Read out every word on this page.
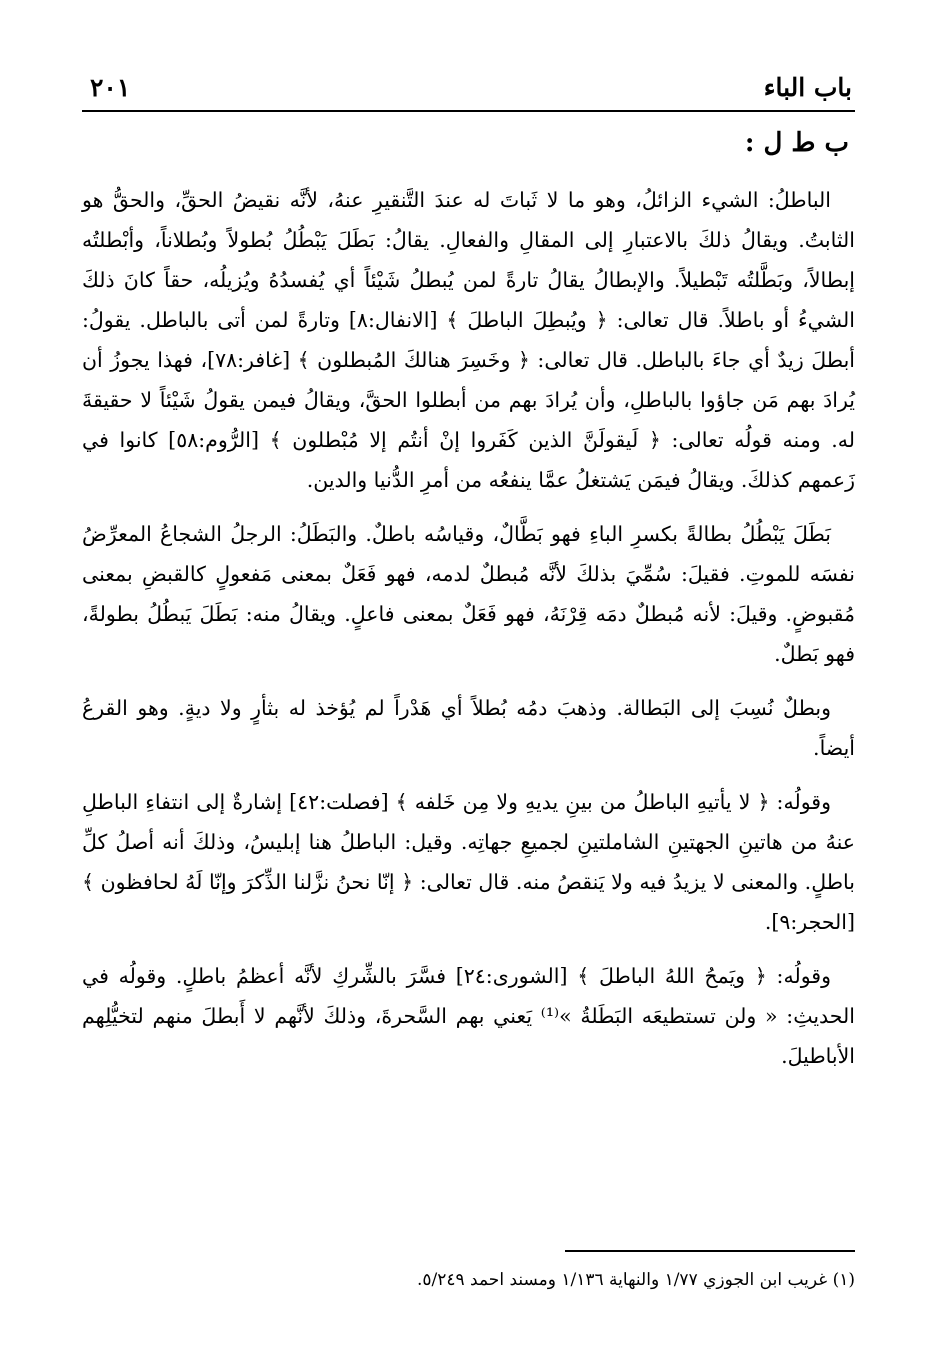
باب الباء
٢٠١
ب ط ل :

الباطلُ: الشيء الزائلُ، وهو ما لا ثَباتَ له عندَ التَّنقيرِ عنهُ، لأنَّه نقيضُ الحقِّ، والحقُّ هو الثابتُ. ويقالُ ذلكَ بالاعتبارِ إلى المقالِ والفعالِ. يقالُ: بَطَلَ يَبْطُلُ بُطولاً وبُطلاناً، وأبْطلتُه إبطالاً، وبَطَّلتُه تَبْطيلاً. والإبطالُ يقالُ تارةً لمن يُبطلُ شَيْئاً أي يُفسدُهُ ويُزيلُه، حقاً كانَ ذلكَ الشيءُ أو باطلاً. قال تعالى: ﴿ ويُبطِلَ الباطلَ ﴾ [الانفال:٨] وتارةً لمن أتى بالباطل. يقولُ: أبطلَ زيدٌ أي جاءَ بالباطل. قال تعالى: ﴿ وخَسِرَ هنالكَ المُبطلون ﴾ [غافر:٧٨]، فهذا يجوزُ أن يُرادَ بهم مَن جاؤوا بالباطلِ، وأن يُرادَ بهم من أبطلوا الحقَّ، ويقالُ فيمن يقولُ شَيْئاً لا حقيقةَ له. ومنه قولُه تعالى: ﴿ لَيقولَنَّ الذين كَفَروا إنْ أنتُم إلا مُبْطلون ﴾ [الرُّوم:٥٨] كانوا في زَعمهم كذلكَ. ويقالُ فيمَن يَشتغلُ عمَّا ينفعُه من أمرِ الدُّنيا والدين.

بَطَلَ يَبْطُلُ بطالةً بكسرِ الباءِ فهو بَطَّالٌ، وقياسُه باطلٌ. والبَطَلُ: الرجلُ الشجاعُ المعرِّضُ نفسَه للموتِ. فقيلَ: سُمِّيَ بذلكَ لأنَّه مُبطلٌ لدمه، فهو فَعَلٌ بمعنى مَفعولٍ كالقبضِ بمعنى مُقبوضٍ. وقيلَ: لأنه مُبطلٌ دمَه قِرْنَهُ، فهو فَعَلٌ بمعنى فاعلٍ. ويقالُ منه: بَطَلَ يَبطُلُ بطولةً، فهو بَطلٌ.

وبطلٌ نُسِبَ إلى البَطالة. وذهبَ دمُه بُطلاً أي هَدْراً لم يُؤخذ له بثأرٍ ولا ديةٍ. وهو القرعُ أيضاً.

وقولُه: ﴿ لا يأتيهِ الباطلُ من بينِ يديهِ ولا مِن خَلفه ﴾ [فصلت:٤٢] إشارةٌ إلى انتفاءِ الباطلِ عنهُ من هاتينِ الجهتينِ الشاملتينِ لجميعِ جهاتِه. وقيل: الباطلُ هنا إبليسُ، وذلكَ أنه أصلُ كلِّ باطلٍ. والمعنى لا يزيدُ فيه ولا يَنقصُ منه. قال تعالى: ﴿ إنّا نحنُ نزَّلنا الذِّكرَ وإنّا لَهُ لحافظون ﴾ [الحجر:٩].

وقولُه: ﴿ ويَمحُ اللهُ الباطلَ ﴾ [الشورى:٢٤] فسَّرَ بالشِّركِ لأنَّه أعظمُ باطلٍ. وقولُه في الحديثِ: « ولن تستطيعَه البَطَلةُ »⁽¹⁾ يَعني بهم السَّحرةَ، وذلكَ لأنَّهم لا أَبطلَ منهم لتخيُّلِهم الأباطيلَ.

(١) غريب ابن الجوزي ١/٧٧ والنهاية ١/١٣٦ ومسند احمد ٥/٢٤٩.
